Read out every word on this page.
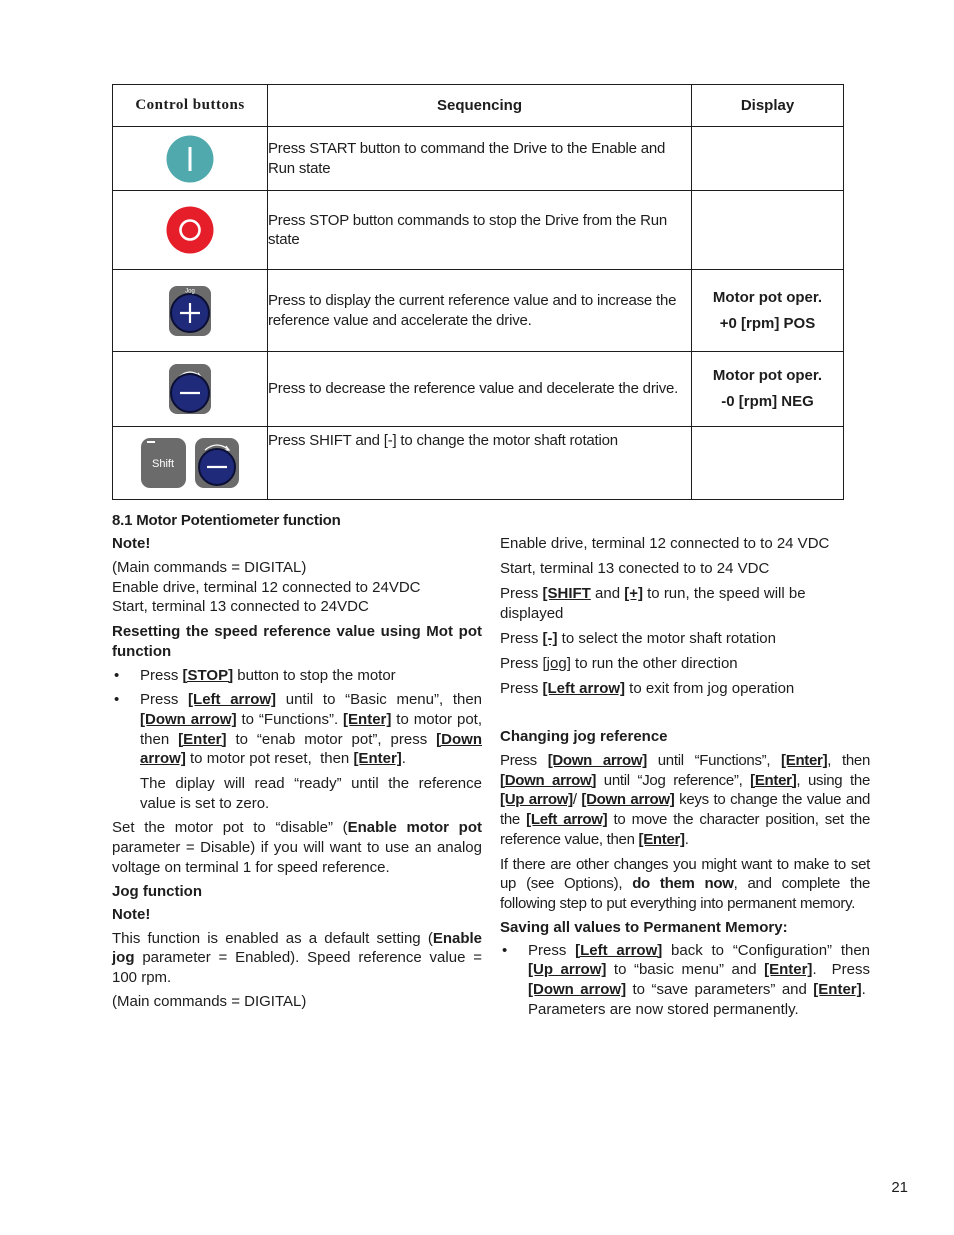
Control buttons	Sequencing	Display

	Press START button to command the Drive to the Enable and Run state	

	Press STOP button commands to stop the Drive from the Run state	

Jog	Press to display the current reference value and to increase the reference value and accelerate the drive.	Motor pot oper.
+0 [rpm] POS

	Press to decrease the reference value and decelerate the drive.	Motor pot oper.
-0 [rpm] NEG

Shift	Press SHIFT and [-] to change the motor shaft rotation	

8.1 Motor Potentiometer function

Note!

(Main commands = DIGITAL)

Enable drive, terminal 12 connected to 24VDC

Start, terminal 13 connected to 24VDC

Resetting the speed reference value using Mot pot function

• Press [STOP] button to stop the motor
• Press [Left arrow] until to “Basic menu”, then [Down arrow] to “Functions”. [Enter] to motor pot, then [Enter] to “enab motor pot”, press [Down arrow] to motor pot reset,  then [Enter].

The diplay will read “ready” until the reference value is set to zero.

Set the motor pot to “disable” (Enable motor pot parameter = Disable) if you will want to use an analog voltage on terminal 1 for speed reference.

Jog function

Note!

This function is enabled as a default setting (Enable jog parameter = Enabled). Speed reference value = 100 rpm.

(Main commands = DIGITAL)

Enable drive, terminal 12 connected to to 24 VDC

Start, terminal 13 conected to to 24 VDC

Press [SHIFT and [+] to run, the speed will be displayed

Press [-] to select the motor shaft rotation

Press [jog] to run the other direction

Press [Left arrow] to exit from jog operation

Changing jog reference

Press [Down arrow] until “Functions”, [Enter], then [Down arrow] until “Jog reference”, [Enter], using the [Up arrow]/ [Down arrow] keys to change the value and the [Left arrow] to move the character position, set the reference value, then [Enter].

If there are other changes you might want to make to set up (see Options), do them now, and complete the following step to put everything into permanent memory.

Saving all values to Permanent Memory:

• Press [Left arrow] back to “Configuration” then [Up arrow] to “basic menu” and [Enter].  Press [Down arrow] to “save parameters” and [Enter].  Parameters are now stored permanently.
21
